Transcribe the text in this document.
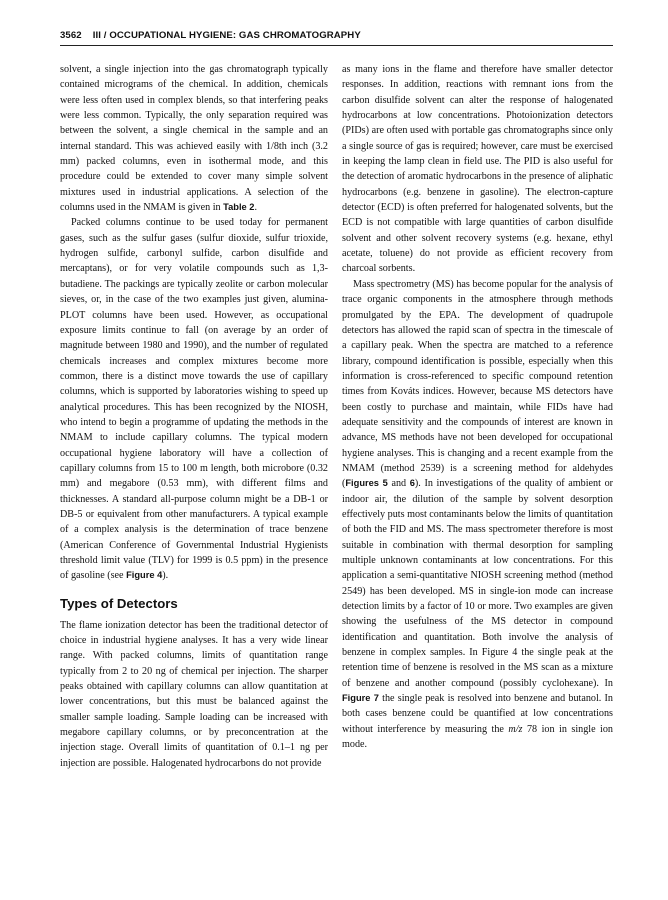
3562 III / OCCUPATIONAL HYGIENE: GAS CHROMATOGRAPHY

solvent, a single injection into the gas chromatograph typically contained micrograms of the chemical. In addition, chemicals were less often used in complex blends, so that interfering peaks were less common. Typically, the only separation required was between the solvent, a single chemical in the sample and an internal standard. This was achieved easily with 1/8th inch (3.2 mm) packed columns, even in isothermal mode, and this procedure could be extended to cover many simple solvent mixtures used in industrial applications. A selection of the columns used in the NMAM is given in Table 2.

Packed columns continue to be used today for permanent gases, such as the sulfur gases (sulfur dioxide, sulfur trioxide, hydrogen sulfide, carbonyl sulfide, carbon disulfide and mercaptans), or for very volatile compounds such as 1,3-butadiene. The packings are typically zeolite or carbon molecular sieves, or, in the case of the two examples just given, alumina-PLOT columns have been used. However, as occupational exposure limits continue to fall (on average by an order of magnitude between 1980 and 1990), and the number of regulated chemicals increases and complex mixtures become more common, there is a distinct move towards the use of capillary columns, which is supported by laboratories wishing to speed up analytical procedures. This has been recognized by the NIOSH, who intend to begin a programme of updating the methods in the NMAM to include capillary columns. The typical modern occupational hygiene laboratory will have a collection of capillary columns from 15 to 100 m length, both microbore (0.32 mm) and megabore (0.53 mm), with different films and thicknesses. A standard all-purpose column might be a DB-1 or DB-5 or equivalent from other manufacturers. A typical example of a complex analysis is the determination of trace benzene (American Conference of Governmental Industrial Hygienists threshold limit value (TLV) for 1999 is 0.5 ppm) in the presence of gasoline (see Figure 4).

Types of Detectors

The flame ionization detector has been the traditional detector of choice in industrial hygiene analyses. It has a very wide linear range. With packed columns, limits of quantitation range typically from 2 to 20 ng of chemical per injection. The sharper peaks obtained with capillary columns can allow quantitation at lower concentrations, but this must be balanced against the smaller sample loading. Sample loading can be increased with megabore capillary columns, or by preconcentration at the injection stage. Overall limits of quantitation of 0.1–1 ng per injection are possible. Halogenated hydrocarbons do not provide

as many ions in the flame and therefore have smaller detector responses. In addition, reactions with remnant ions from the carbon disulfide solvent can alter the response of halogenated hydrocarbons at low concentrations. Photoionization detectors (PIDs) are often used with portable gas chromatographs since only a single source of gas is required; however, care must be exercised in keeping the lamp clean in field use. The PID is also useful for the detection of aromatic hydrocarbons in the presence of aliphatic hydrocarbons (e.g. benzene in gasoline). The electron-capture detector (ECD) is often preferred for halogenated solvents, but the ECD is not compatible with large quantities of carbon disulfide solvent and other solvent recovery systems (e.g. hexane, ethyl acetate, toluene) do not provide as efficient recovery from charcoal sorbents.

Mass spectrometry (MS) has become popular for the analysis of trace organic components in the atmosphere through methods promulgated by the EPA. The development of quadrupole detectors has allowed the rapid scan of spectra in the timescale of a capillary peak. When the spectra are matched to a reference library, compound identification is possible, especially when this information is cross-referenced to specific compound retention times from Kováts indices. However, because MS detectors have been costly to purchase and maintain, while FIDs have had adequate sensitivity and the compounds of interest are known in advance, MS methods have not been developed for occupational hygiene analyses. This is changing and a recent example from the NMAM (method 2539) is a screening method for aldehydes (Figures 5 and 6). In investigations of the quality of ambient or indoor air, the dilution of the sample by solvent desorption effectively puts most contaminants below the limits of quantitation of both the FID and MS. The mass spectrometer therefore is most suitable in combination with thermal desorption for sampling multiple unknown contaminants at low concentrations. For this application a semi-quantitative NIOSH screening method (method 2549) has been developed. MS in single-ion mode can increase detection limits by a factor of 10 or more. Two examples are given showing the usefulness of the MS detector in compound identification and quantitation. Both involve the analysis of benzene in complex samples. In Figure 4 the single peak at the retention time of benzene is resolved in the MS scan as a mixture of benzene and another compound (possibly cyclohexane). In Figure 7 the single peak is resolved into benzene and butanol. In both cases benzene could be quantified at low concentrations without interference by measuring the m/z 78 ion in single ion mode.
